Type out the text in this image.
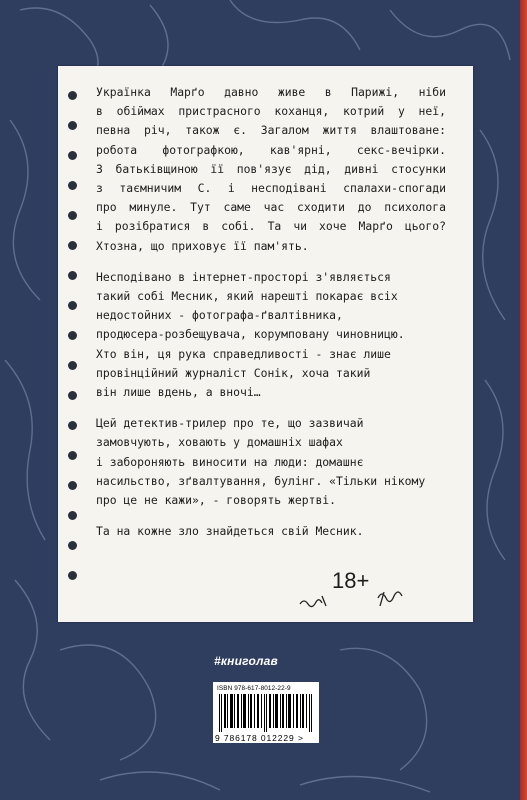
Українка Марґо давно живе в Парижі, ніби
в обіймах пристрасного коханця, котрий у неї,
певна річ, також є. Загалом життя влаштоване:
робота фотографкою, кав'ярні, секс-вечірки.
З батьківщиною її пов'язує дід, дивні стосунки
з таємничим С. і несподівані спалахи-спогади
про минуле. Тут саме час сходити до психолога
і розібратися в собі. Та чи хоче Марґо цього?
Хтозна, що приховує її пам'ять.

Несподівано в інтернет-просторі з'являється
такий собі Месник, який нарешті покарає всіх
недостойних - фотографа-ґвалтівника,
продюсера-розбещувача, корумповану чиновницю.
Хто він, ця рука справедливості - знає лише
провінційний журналіст Сонік, хоча такий
він лише вдень, а вночі…

Цей детектив-трилер про те, що зазвичай
замовчують, ховають у домашніх шафах
і забороняють виносити на люди: домашнє
насильство, зґвалтування, булінг. «Тільки нікому
про це не кажи», - говорять жертві.

Та на кожне зло знайдеться свій Месник.

18+
#книголав
ISBN 978-617-8012-22-9
9 786178 012229 >
